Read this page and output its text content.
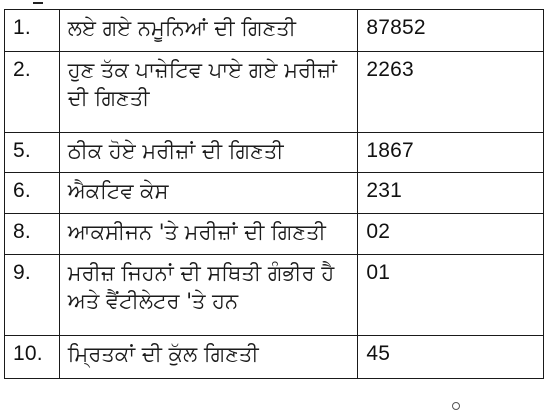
1.	ਲਏ ਗਏ ਨਮੂਨਿਆਂ ਦੀ ਗਿਣਤੀ	87852
2.	ਹੁਣ ਤੱਕ ਪਾਜ਼ੇਟਿਵ ਪਾਏ ਗਏ ਮਰੀਜ਼ਾਂ ਦੀ ਗਿਣਤੀ	2263
5.	ਠੀਕ ਹੋਏ ਮਰੀਜ਼ਾਂ ਦੀ ਗਿਣਤੀ	1867
6.	ਐਕਟਿਵ ਕੇਸ	231
8.	ਆਕਸੀਜਨ 'ਤੇ ਮਰੀਜ਼ਾਂ ਦੀ ਗਿਣਤੀ	02
9.	ਮਰੀਜ਼ ਜਿਹਨਾਂ ਦੀ ਸਥਿਤੀ ਗੰਭੀਰ ਹੈ ਅਤੇ ਵੈਂਟੀਲੇਟਰ 'ਤੇ ਹਨ	01
10.	ਮ੍ਰਿਤਕਾਂ ਦੀ ਕੁੱਲ ਗਿਣਤੀ	45
